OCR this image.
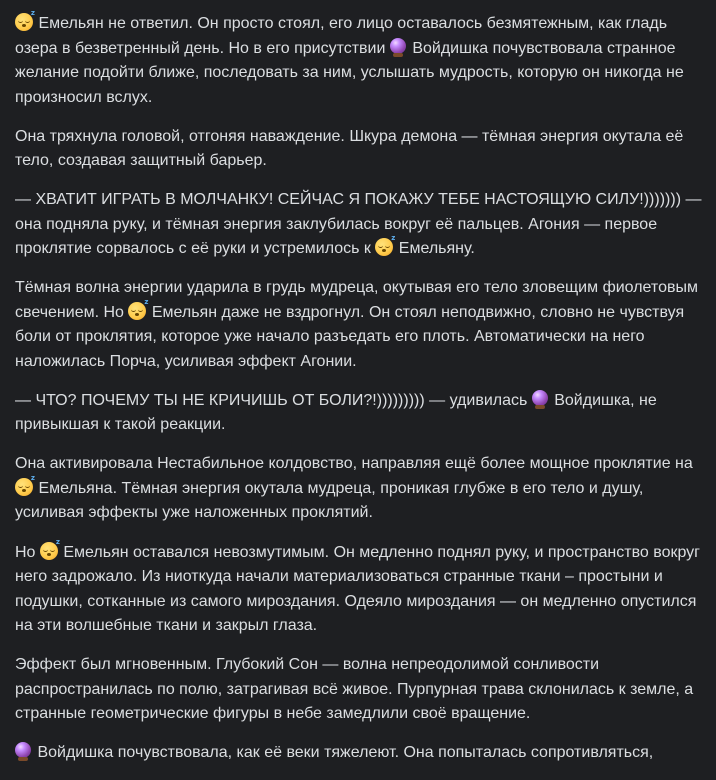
z
Емельян не ответил. Он просто стоял, его лицо оставалось безмятежным, как гладь озера в безветренный день. Но в его присутствии Войдишка почувствовала странное желание подойти ближе, последовать за ним, услышать мудрость, которую он никогда не произносил вслух.

Она тряхнула головой, отгоняя наваждение. Шкура демона — тёмная энергия окутала её тело, создавая защитный барьер.

— ХВАТИТ ИГРАТЬ В МОЛЧАНКУ! СЕЙЧАС Я ПОКАЖУ ТЕБЕ НАСТОЯЩУЮ СИЛУ!))))))) — она подняла руку, и тёмная энергия заклубилась вокруг её пальцев. Агония — первое проклятие сорвалось с её руки и устремилось к
z
Емельяну.

Тёмная волна энергии ударила в грудь мудреца, окутывая его тело зловещим фиолетовым свечением. Но
z
Емельян даже не вздрогнул. Он стоял неподвижно, словно не чувствуя боли от проклятия, которое уже начало разъедать его плоть. Автоматически на него наложилась Порча, усиливая эффект Агонии.

— ЧТО? ПОЧЕМУ ТЫ НЕ КРИЧИШЬ ОТ БОЛИ?!))))))))) — удивилась Войдишка, не привыкшая к такой реакции.

Она активировала Нестабильное колдовство, направляя ещё более мощное проклятие на
z
Емельяна. Тёмная энергия окутала мудреца, проникая глубже в его тело и душу, усиливая эффекты уже наложенных проклятий.

Но
z
Емельян оставался невозмутимым. Он медленно поднял руку, и пространство вокруг него задрожало. Из ниоткуда начали материализоваться странные ткани – простыни и подушки, сотканные из самого мироздания. Одеяло мироздания — он медленно опустился на эти волшебные ткани и закрыл глаза.

Эффект был мгновенным. Глубокий Сон — волна непреодолимой сонливости распространилась по полю, затрагивая всё живое. Пурпурная трава склонилась к земле, а странные геометрические фигуры в небе замедлили своё вращение.

Войдишка почувствовала, как её веки тяжелеют. Она попыталась сопротивляться,
